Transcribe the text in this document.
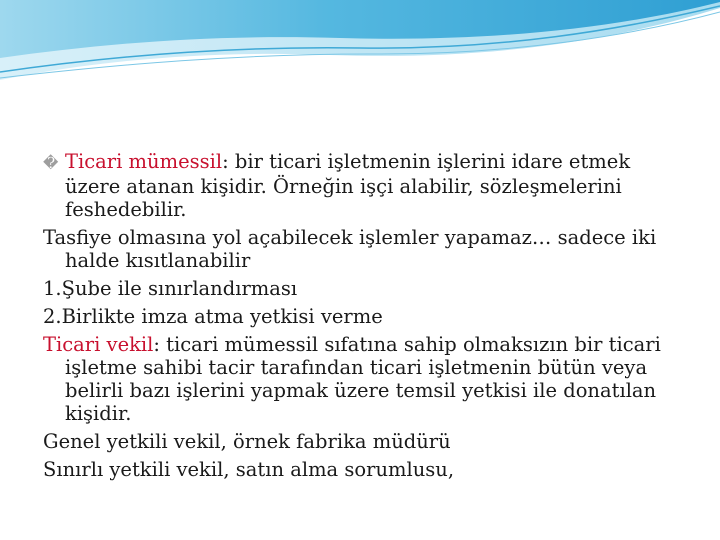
� Ticari mümessil: bir ticari işletmenin işlerini idare etmek üzere atanan kişidir. Örneğin işçi alabilir, sözleşmelerini feshedebilir.

Tasfiye olmasına yol açabilecek işlemler yapamaz… sadece iki halde kısıtlanabilir

1.Şube ile sınırlandırması

2.Birlikte imza atma yetkisi verme

Ticari vekil: ticari mümessil sıfatına sahip olmaksızın bir ticari işletme sahibi tacir tarafından ticari işletmenin bütün veya belirli bazı işlerini yapmak üzere temsil yetkisi ile donatılan kişidir.

Genel yetkili vekil, örnek fabrika müdürü

Sınırlı yetkili vekil, satın alma sorumlusu,
